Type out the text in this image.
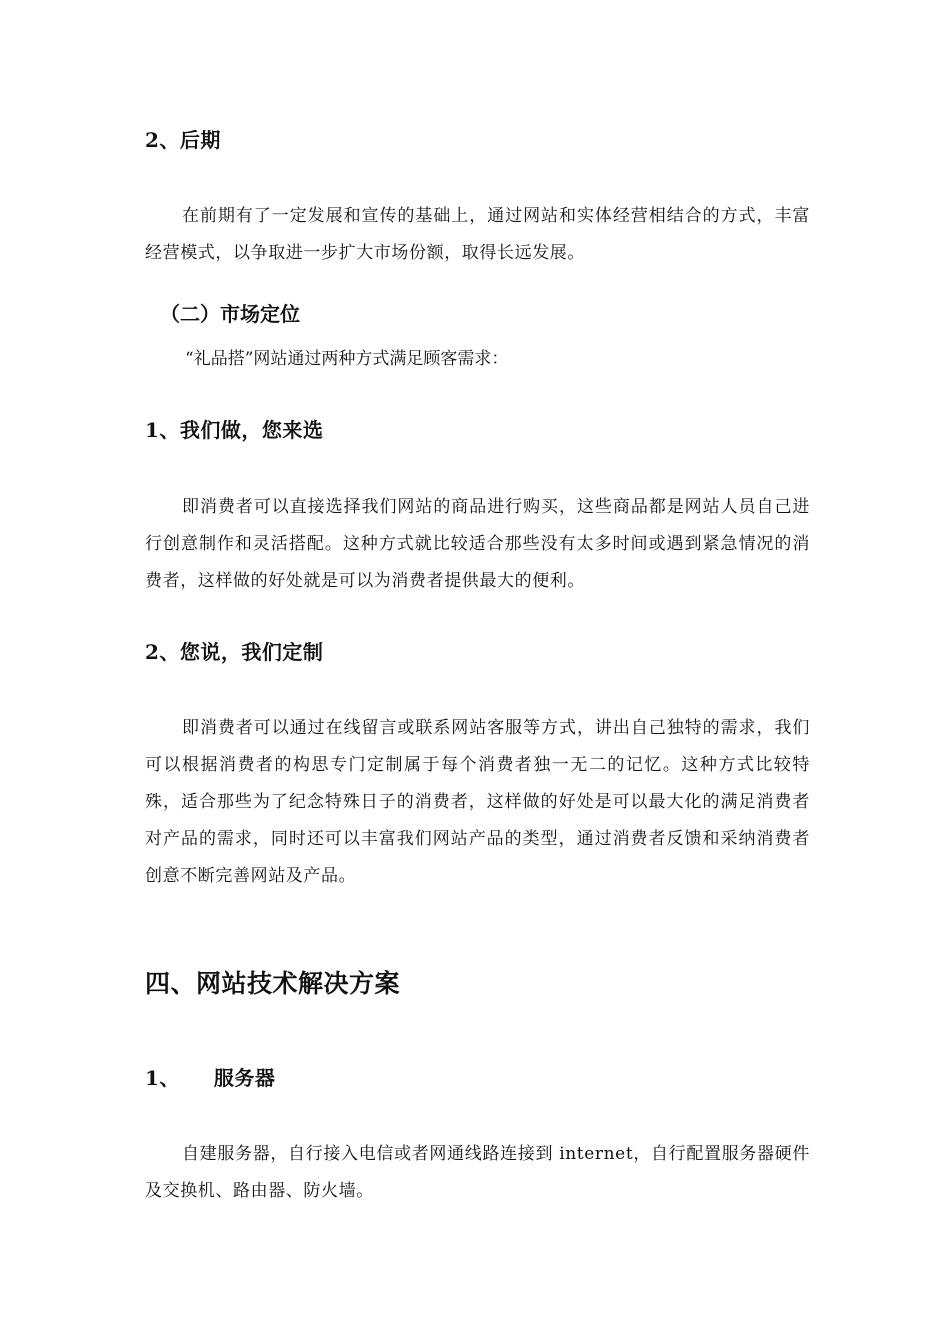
2、后期

在前期有了一定发展和宣传的基础上，通过网站和实体经营相结合的方式，丰富经营模式，以争取进一步扩大市场份额，取得长远发展。

（二）市场定位

“礼品搭”网站通过两种方式满足顾客需求：

1、我们做，您来选

即消费者可以直接选择我们网站的商品进行购买，这些商品都是网站人员自己进行创意制作和灵活搭配。这种方式就比较适合那些没有太多时间或遇到紧急情况的消费者，这样做的好处就是可以为消费者提供最大的便利。

2、您说，我们定制

即消费者可以通过在线留言或联系网站客服等方式，讲出自己独特的需求，我们可以根据消费者的构思专门定制属于每个消费者独一无二的记忆。这种方式比较特殊，适合那些为了纪念特殊日子的消费者，这样做的好处是可以最大化的满足消费者对产品的需求，同时还可以丰富我们网站产品的类型，通过消费者反馈和采纳消费者创意不断完善网站及产品。

四、网站技术解决方案
1、 服务器

自建服务器，自行接入电信或者网通线路连接到 internet，自行配置服务器硬件及交换机、路由器、防火墙。
